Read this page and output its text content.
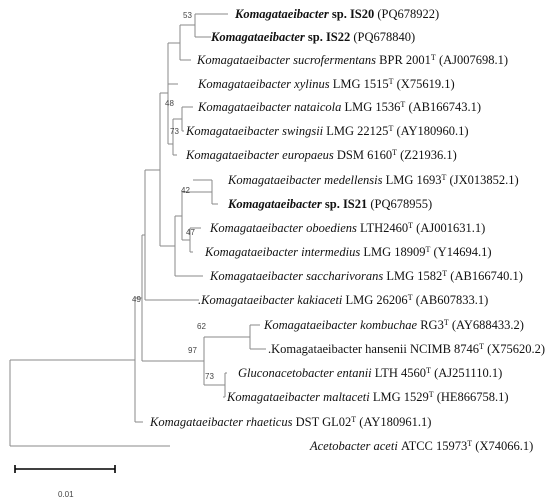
Komagataeibacter sp. IS20 (PQ678922)
Komagataeibacter sp. IS22 (PQ678840)
Komagataeibacter sucrofermentans BPR $2001^T$ (AJ007698.1)
Komagataeibacter xylinus LMG $1515^T$ (X75619.1)
Komagataeibacter nataicola LMG $1536^T$ (AB166743.1)
Komagataeibacter swingsii LMG $22125^T$ (AY180960.1)
Komagataeibacter europaeus DSM $6160^T$ (Z21936.1)
Komagataeibacter medellensis LMG $1693^T$ (JX013852.1)
Komagataeibacter sp. IS21 (PQ678955)
Komagataeibacter oboediens $LTH2460^T$ (AJ001631.1)
Komagataeibacter intermedius LMG $18909^T$ (Y14694.1)
Komagataeibacter saccharivorans LMG $1582^T$ (AB166740.1)
.Komagataeibacter kakiaceti LMG $26206^T$ (AB607833.1)
Komagataeibacter kombuchae $RG3^T$ (AY688433.2)
.Komagataeibacter hansenii NCIMB $8746^T$ (X75620.2)
Gluconacetobacter entanii LTH $4560^T$ (AJ251110.1)
Komagataeibacter maltaceti LMG $1529^T$ (HE866758.1)
Komagataeibacter rhaeticus DST $GL02^T$ (AY180961.1)
Acetobacter aceti ATCC $15973^T$ (X74066.1)
53
48
73
42
47
49
62
97
73
0.01
